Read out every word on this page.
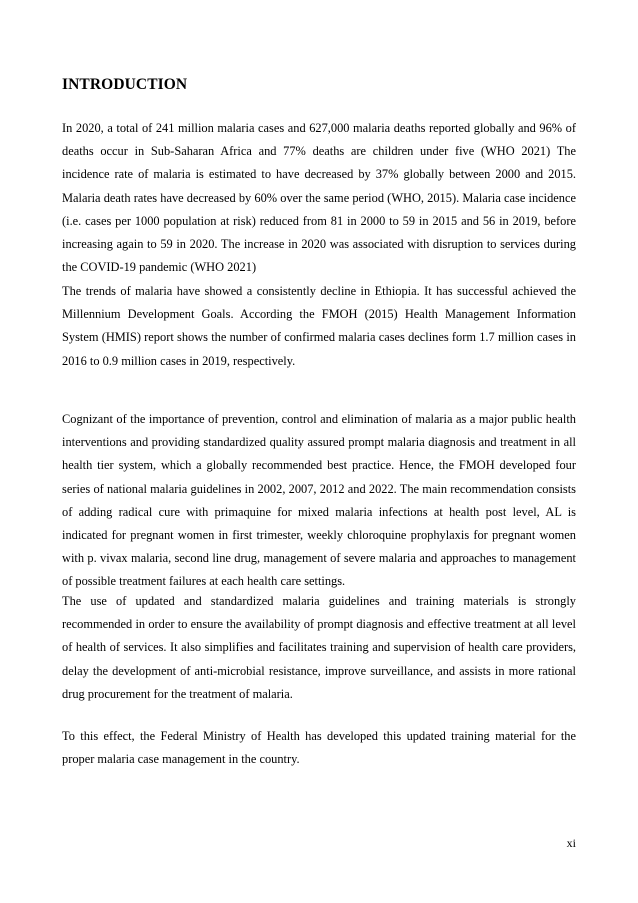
INTRODUCTION

In 2020, a total of 241 million malaria cases and 627,000 malaria deaths reported globally and 96% of deaths occur in Sub-Saharan Africa and 77% deaths are children under five (WHO 2021) The incidence rate of malaria is estimated to have decreased by 37% globally between 2000 and 2015. Malaria death rates have decreased by 60% over the same period (WHO, 2015). Malaria case incidence (i.e. cases per 1000 population at risk) reduced from 81 in 2000 to 59 in 2015 and 56 in 2019, before increasing again to 59 in 2020. The increase in 2020 was associated with disruption to services during the COVID-19 pandemic (WHO 2021)

The trends of malaria have showed a consistently decline in Ethiopia. It has successful achieved the Millennium Development Goals. According the FMOH (2015) Health Management Information System (HMIS) report shows the number of confirmed malaria cases declines form 1.7 million cases in 2016 to 0.9 million cases in 2019, respectively.

Cognizant of the importance of prevention, control and elimination of malaria as a major public health interventions and providing standardized quality assured prompt malaria diagnosis and treatment in all health tier system, which a globally recommended best practice. Hence, the FMOH developed four series of national malaria guidelines in 2002, 2007, 2012 and 2022. The main recommendation consists of adding radical cure with primaquine for mixed malaria infections at health post level, AL is indicated for pregnant women in first trimester, weekly chloroquine prophylaxis for pregnant women with p. vivax malaria, second line drug, management of severe malaria and approaches to management of possible treatment failures at each health care settings.

The use of updated and standardized malaria guidelines and training materials is strongly recommended in order to ensure the availability of prompt diagnosis and effective treatment at all level of health of services. It also simplifies and facilitates training and supervision of health care providers, delay the development of anti-microbial resistance, improve surveillance, and assists in more rational drug procurement for the treatment of malaria.

To this effect, the Federal Ministry of Health has developed this updated training material for the proper malaria case management in the country.

xi
